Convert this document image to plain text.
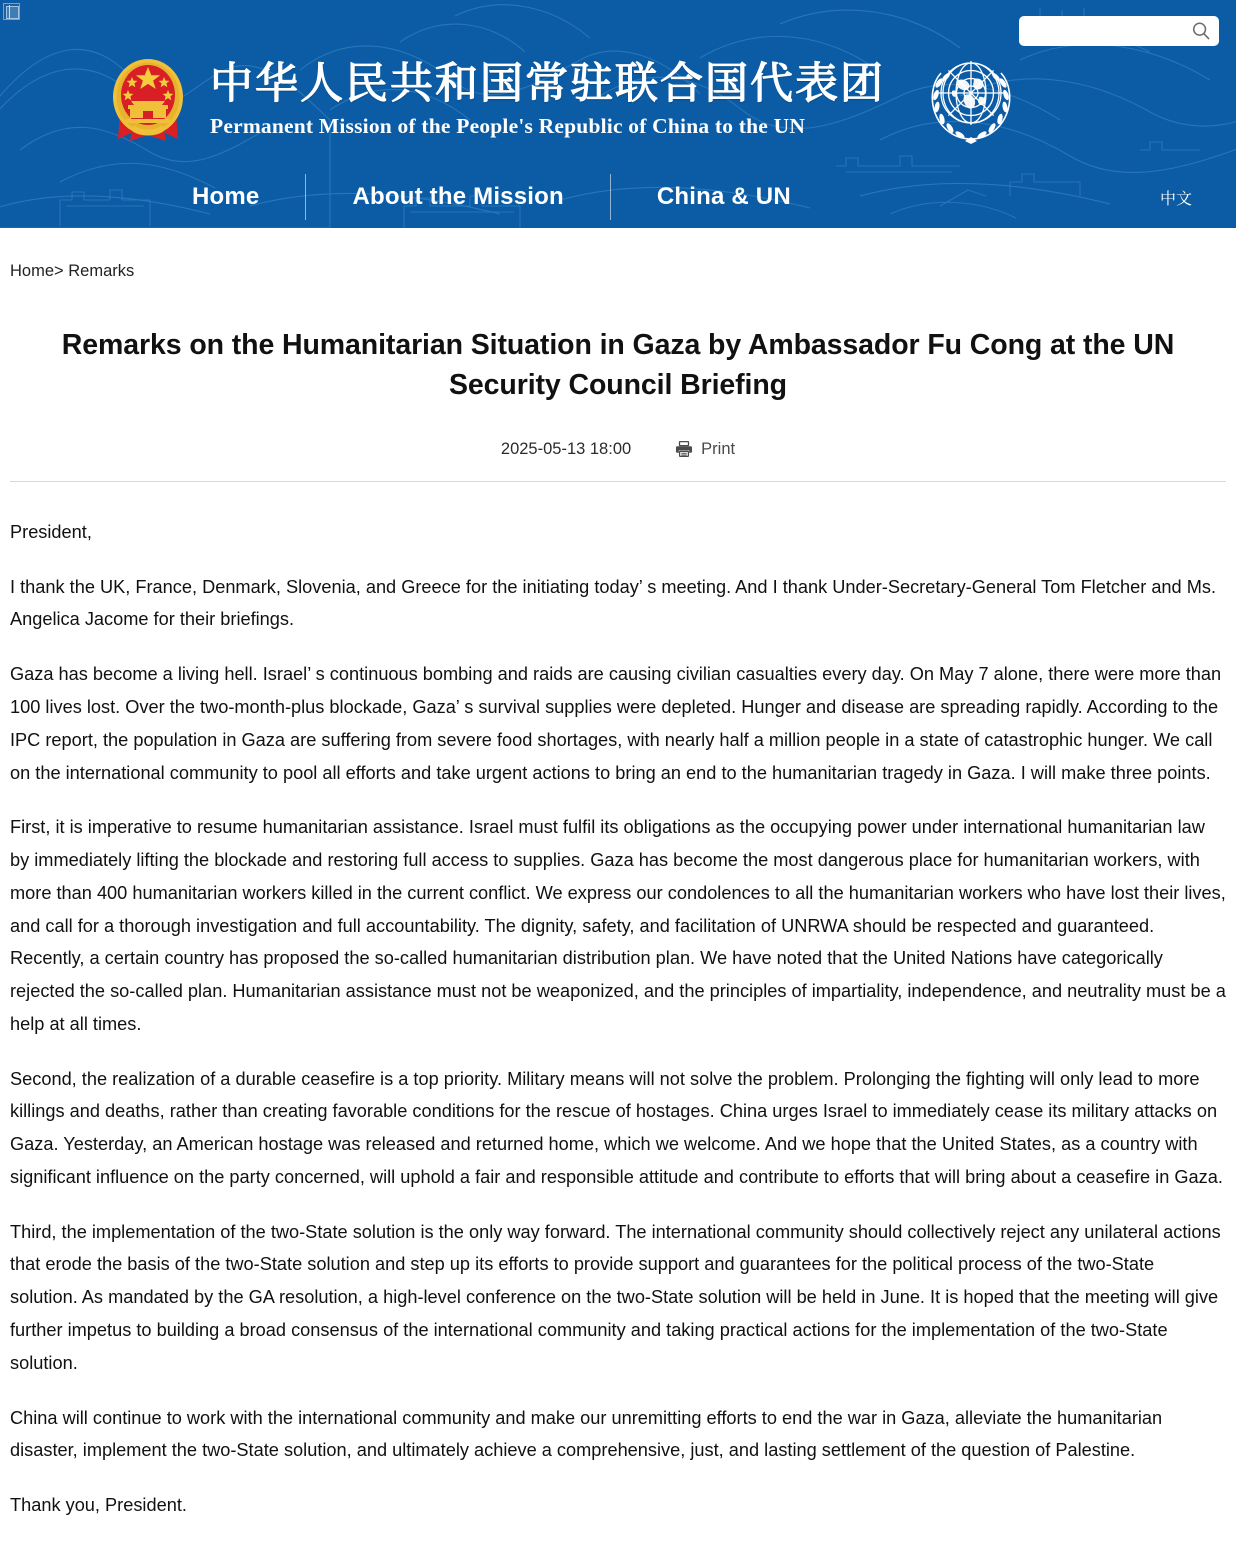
中华人民共和国常驻联合国代表团
Permanent Mission of the People's Republic of China to the UN
Home	About the Mission	China & UN	中文
Home> Remarks
Remarks on the Humanitarian Situation in Gaza by Ambassador Fu Cong at the UN Security Council Briefing
2025-05-13 18:00	Print

President,

I thank the UK, France, Denmark, Slovenia, and Greece for the initiating today’ s meeting. And I thank Under-Secretary-General Tom Fletcher and Ms. Angelica Jacome for their briefings.

Gaza has become a living hell. Israel’ s continuous bombing and raids are causing civilian casualties every day. On May 7 alone, there were more than 100 lives lost. Over the two-month-plus blockade, Gaza’ s survival supplies were depleted. Hunger and disease are spreading rapidly. According to the IPC report, the population in Gaza are suffering from severe food shortages, with nearly half a million people in a state of catastrophic hunger. We call on the international community to pool all efforts and take urgent actions to bring an end to the humanitarian tragedy in Gaza. I will make three points.

First, it is imperative to resume humanitarian assistance. Israel must fulfil its obligations as the occupying power under international humanitarian law by immediately lifting the blockade and restoring full access to supplies. Gaza has become the most dangerous place for humanitarian workers, with more than 400 humanitarian workers killed in the current conflict. We express our condolences to all the humanitarian workers who have lost their lives, and call for a thorough investigation and full accountability. The dignity, safety, and facilitation of UNRWA should be respected and guaranteed. Recently, a certain country has proposed the so-called humanitarian distribution plan. We have noted that the United Nations have categorically rejected the so-called plan. Humanitarian assistance must not be weaponized, and the principles of impartiality, independence, and neutrality must be a help at all times.

Second, the realization of a durable ceasefire is a top priority. Military means will not solve the problem. Prolonging the fighting will only lead to more killings and deaths, rather than creating favorable conditions for the rescue of hostages. China urges Israel to immediately cease its military attacks on Gaza. Yesterday, an American hostage was released and returned home, which we welcome. And we hope that the United States, as a country with significant influence on the party concerned, will uphold a fair and responsible attitude and contribute to efforts that will bring about a ceasefire in Gaza.

Third, the implementation of the two-State solution is the only way forward. The international community should collectively reject any unilateral actions that erode the basis of the two-State solution and step up its efforts to provide support and guarantees for the political process of the two-State solution. As mandated by the GA resolution, a high-level conference on the two-State solution will be held in June. It is hoped that the meeting will give further impetus to building a broad consensus of the international community and taking practical actions for the implementation of the two-State solution.

China will continue to work with the international community and make our unremitting efforts to end the war in Gaza, alleviate the humanitarian disaster, implement the two-State solution, and ultimately achieve a comprehensive, just, and lasting settlement of the question of Palestine.

Thank you, President.
